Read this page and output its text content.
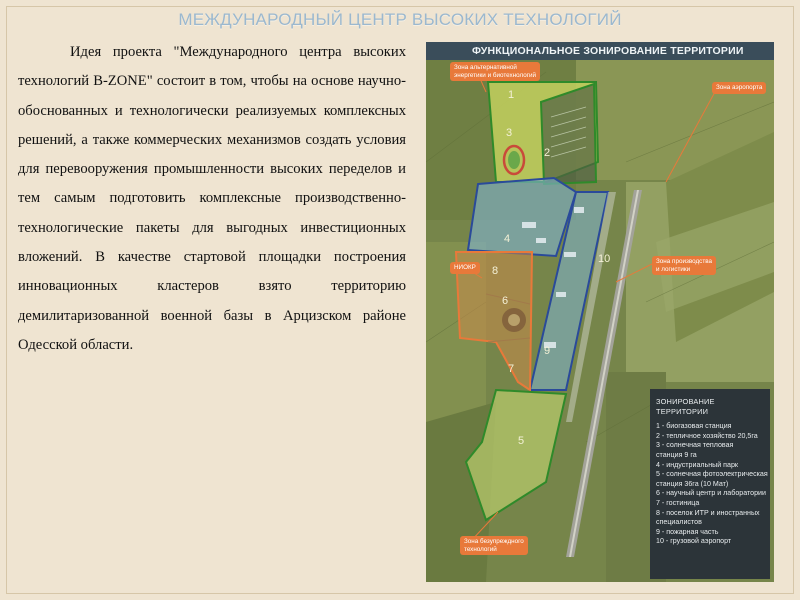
МЕЖДУНАРОДНЫЙ ЦЕНТР ВЫСОКИХ ТЕХНОЛОГИЙ
Идея проекта "Международного центра высоких технологий B-ZONE" состоит в том, чтобы на основе научно-обоснованных и технологически реализуемых комплексных решений, а также коммерческих механизмов создать условия для перевооружения промышленности высоких переделов и тем самым подготовить комплексные производственно-технологические пакеты для выгодных инвестиционных вложений. В качестве стартовой площадки построения инновационных кластеров взято территорию демилитаризованной военной базы в Арцизском районе Одесской области.
1
2
3
4
5
6
7
8
9
10
ФУНКЦИОНАЛЬНОЕ ЗОНИРОВАНИЕ ТЕРРИТОРИИ
Зона альтернативной
энергетики и биотехнологий
Зона аэропорта
НИОКР
Зона производства
и логистики
Зона безупреждного
технологий
ЗОНИРОВАНИЕ ТЕРРИТОРИИ
1 - биогазовая станция
2 - тепличное хозяйство 20,5га
3 - солнечная тепловая
станция 9 га
4 - индустриальный парк
5 - солнечная фотоэлектрическая
станция 36га (10 Мат)
6 - научный центр и лаборатории
7 - гостиница
8 - поселок ИТР и иностранных
специалистов
9 - пожарная часть
10 - грузовой аэропорт
